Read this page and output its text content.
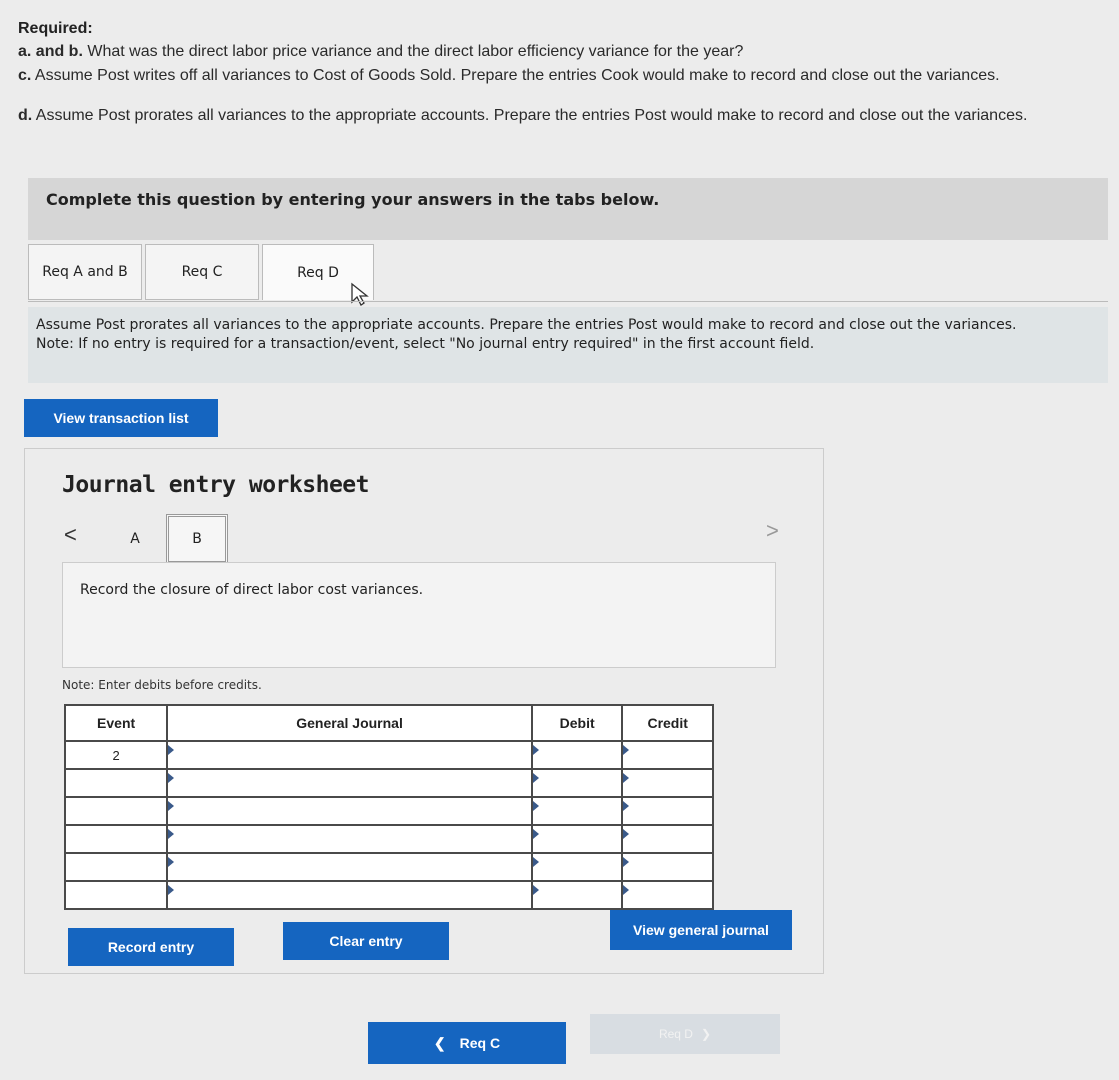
Required:
a. and b. What was the direct labor price variance and the direct labor efficiency variance for the year?
c. Assume Post writes off all variances to Cost of Goods Sold. Prepare the entries Cook would make to record and close out the variances.
d. Assume Post prorates all variances to the appropriate accounts. Prepare the entries Post would make to record and close out the variances.
Complete this question by entering your answers in the tabs below.
Req A and B	Req C	Req D
Assume Post prorates all variances to the appropriate accounts. Prepare the entries Post would make to record and close out the variances.
Note: If no entry is required for a transaction/event, select "No journal entry required" in the first account field.
View transaction list
Journal entry worksheet
<	A	B	>
Record the closure of direct labor cost variances.
Note: Enter debits before credits.
Event	General Journal	Debit	Credit
2	

Record entry	Clear entry
View general journal
❮ Req C
Req D ❯
